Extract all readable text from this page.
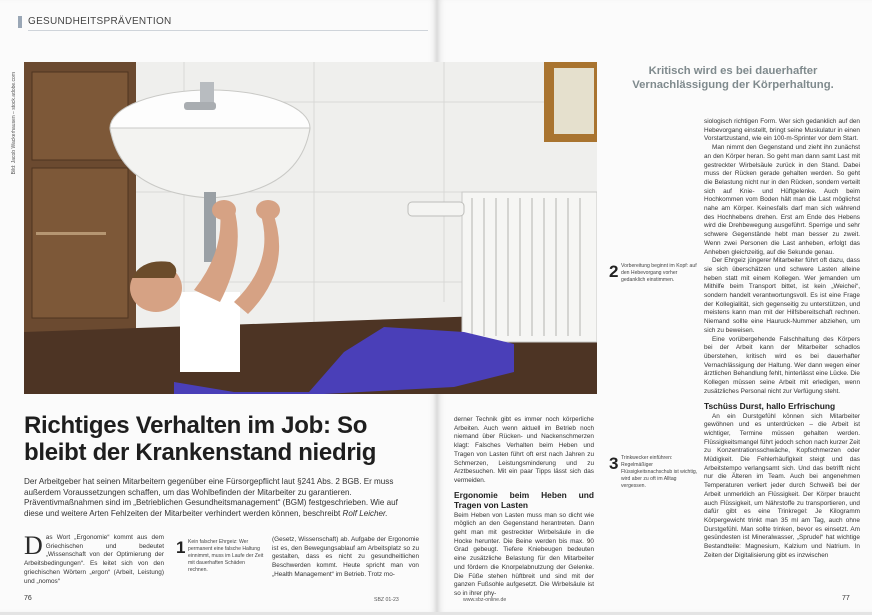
GESUNDHEITSPRÄVENTION
Bild: Jacob Wackerhausen – stock.adobe.com
Richtiges Verhalten im Job: So bleibt der Krankenstand niedrig
Der Arbeitgeber hat seinen Mitarbeitern gegenüber eine Fürsorgepflicht laut §241 Abs. 2 BGB. Er muss außerdem Voraussetzungen schaffen, um das Wohlbefinden der Mitarbeiter zu garantieren. Präventivmaßnahmen sind im „Betrieblichen Gesundheitsmanagement“ (BGM) festgeschrieben. Wie auf diese und weitere Arten Fehlzeiten der Mitarbeiter verhindert werden können, beschreibt Rolf Leicher.
D as Wort „Ergonomie“ kommt aus dem Griechischen und bedeutet „Wissenschaft von der Optimierung der Arbeitsbedingungen“. Es leitet sich von den griechischen Wörtern „ergon“ (Arbeit, Leistung) und „nomos“
1 Kein falscher Ehrgeiz: Wer permanent eine falsche Haltung einnimmt, muss im Laufe der Zeit mit dauerhaften Schäden rechnen.
(Gesetz, Wissenschaft) ab. Aufgabe der Ergonomie ist es, den Bewegungsablauf am Arbeitsplatz so zu gestalten, dass es nicht zu gesundheitlichen Beschwerden kommt. Heute spricht man von „Health Management“ im Betrieb. Trotz mo-
76	SBZ 01-23
derner Technik gibt es immer noch körperliche Arbeiten. Auch wenn aktuell im Betrieb noch niemand über Rücken- und Nackenschmerzen klagt: Falsches Verhalten beim Heben und Tragen von Lasten führt oft erst nach Jahren zu Schmerzen, Leistungsminderung und zu Arztbesuchen. Mit ein paar Tipps lässt sich das vermeiden.
Ergonomie beim Heben und Tragen von Lasten
Beim Heben von Lasten muss man so dicht wie möglich an den Gegenstand herantreten. Dann geht man mit gestreckter Wirbelsäule in die Hocke herunter. Die Beine werden bis max. 90 Grad gebeugt. Tiefere Kniebeugen bedeuten eine zusätzliche Belastung für den Mitarbeiter und fördern die Knorpelabnutzung der Gelenke. Die Füße stehen hüftbreit und sind mit der ganzen Fußsohle aufgesetzt. Die Wirbelsäule ist so in ihrer phy-
2 Vorbereitung beginnt im Kopf: auf den Hebevorgang vorher gedanklich einstimmen.
3 Trinkwecker einführen: Regelmäßiger Flüssigkeitsnachschub ist wichtig, wird aber zu oft im Alltag vergessen.
siologisch richtigen Form. Wer sich gedanklich auf den Hebevorgang einstellt, bringt seine Muskulatur in einen Vorstartzustand, wie ein 100-m-Sprinter vor dem Start.
Man nimmt den Gegenstand und zieht ihn zunächst an den Körper heran. So geht man dann samt Last mit gestreckter Wirbelsäule zurück in den Stand. Dabei muss der Rücken gerade gehalten werden. So geht die Belastung nicht nur in den Rücken, sondern verteilt sich auf Knie- und Hüftgelenke. Auch beim Hochkommen vom Boden hält man die Last möglichst nahe am Körper. Keinesfalls darf man sich während des Hochhebens drehen. Erst am Ende des Hebens wird die Drehbewegung ausgeführt. Sperrige und sehr schwere Gegenstände hebt man besser zu zweit. Wenn zwei Personen die Last anheben, erfolgt das Anheben gleichzeitig, auf die Sekunde genau.
Der Ehrgeiz jüngerer Mitarbeiter führt oft dazu, dass sie sich überschätzen und schwere Lasten alleine heben statt mit einem Kollegen. Wer jemanden um Mithilfe beim Transport bittet, ist kein „Weichei“, sondern handelt verantwortungsvoll. Es ist eine Frage der Kollegialität, sich gegenseitig zu unterstützen, und meistens kann man mit der Hilfsbereitschaft rechnen. Niemand sollte eine Hauruck-Nummer abziehen, um sich zu beweisen.
Eine vorübergehende Falschhaltung des Körpers bei der Arbeit kann der Mitarbeiter schadlos überstehen, kritisch wird es bei dauerhafter Vernachlässigung der Haltung. Wer dann wegen einer ärztlichen Behandlung fehlt, hinterlässt eine Lücke. Die Kollegen müssen seine Arbeit mit erledigen, wenn zusätzliches Personal nicht zur Verfügung steht.
Tschüss Durst, hallo Erfrischung
An ein Durstgefühl können sich Mitarbeiter gewöhnen und es unterdrücken – die Arbeit ist wichtiger, Termine müssen gehalten werden. Flüssigkeitsmangel führt jedoch schon nach kurzer Zeit zu Konzentrationsschwäche, Kopfschmerzen oder Müdigkeit. Die Fehlerhäufigkeit steigt und das Arbeitstempo verlangsamt sich. Und das betrifft nicht nur die Älteren im Team. Auch bei angenehmen Temperaturen verliert jeder durch Schweiß bei der Arbeit unmerklich an Flüssigkeit. Der Körper braucht auch Flüssigkeit, um Nährstoffe zu transportieren, und dafür gibt es eine Trinkregel: Je Kilogramm Körpergewicht trinkt man 35 ml am Tag, auch ohne Durstgefühl. Man sollte trinken, bevor es einsetzt. Am gesündesten ist Mineralwasser, „Sprudel“ hat wichtige Bestandteile: Magnesium, Kalzium und Natrium. In Zeiten der Digitalisierung gibt es inzwischen
www.sbz-online.de	77
Kritisch wird es bei dauerhafter Vernachlässigung der Körperhaltung.
